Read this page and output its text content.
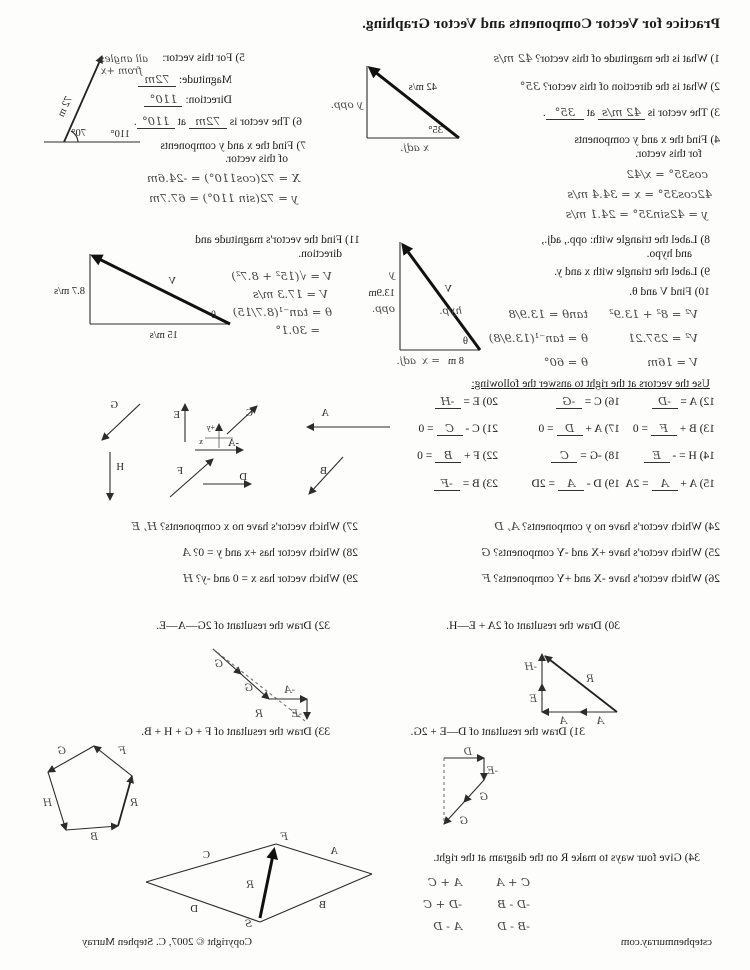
Practice for Vector Components and Vector Graphing.
1) What is the magnitude of this vector? 42 m/s
2) What is the direction of this vector? 35°
3) The vector is 42 m/s at 35°.
4) Find the x and y components
for this vector.
cos35° = x/42
42cos35° = x = 34.4 m/s
y = 42sin35° = 24.1 m/s
42 m/s
35°
y opp.
x adj.
5) For this vector:
Magnitude: 72m
Direction: 110°
all angles
from +x
6) The vector is 72m at 110°.
7) Find the x and y components
of this vector.
X = 72(cos110°) = -24.6m
y = 72(sin 110°) = 67.7m
110°
70°
72 m
8) Label the triangle with: opp., adj.,
and hypo.
9) Label the triangle with x and y.
10) Find V and θ.
V² = 8² + 13.9²
V² = 257.21
V = 16m
tanθ = 13.9/8
θ = tan⁻¹(13.9/8)
θ = 60°
V
hyp.
y
13.9m
opp.
8 m
= x
adj.
θ
11) Find the vector's magnitude and
direction.
V = √(15² + 8.7²)
V = 17.3 m/s
θ = tan⁻¹(8.7/15)
= 30.1°
V
θ
8.7 m/s
15 m/s
Use the vectors at the right to answer the following:
12) A = -D
13) B + F = 0
14) H = - E
15) A + A = 2A
16) C = -G
17) A + D = 0
18) -G = C
19) D - A = 2D
20) E = -H
21) C - C = 0
22) F + B = 0
23) B = -F
A
E
G
C
+y
x
H	F
-A
D
B
24) Which vector's have no y components? A, D
25) Which vector's have +X and -Y components? G
26) Which vector's have -X and +Y components? F
27) Which vector's have no x components? H, E
28) Which vector has +x and y = 0? A
29) Which vector has x = 0 and -y? H
30) Draw the resultant of 2A + E—H.
32) Draw the resultant of 2G—A—E.
A
A
E
-H
R
G
G	-A
-E
R
31) Draw the resultant of D—E + 2G.
33) Draw the resultant of F + G + H + B.
D
-E
G
G
F
G
H
B
R
34) Give four ways to make R on the diagram at the right.
C + A
A + C
-D - B
-D + C
-B - D
A - D
A
C
B
D
R
S
F
cstephenmurray.com
Copyright © 2007, C. Stephen Murray
